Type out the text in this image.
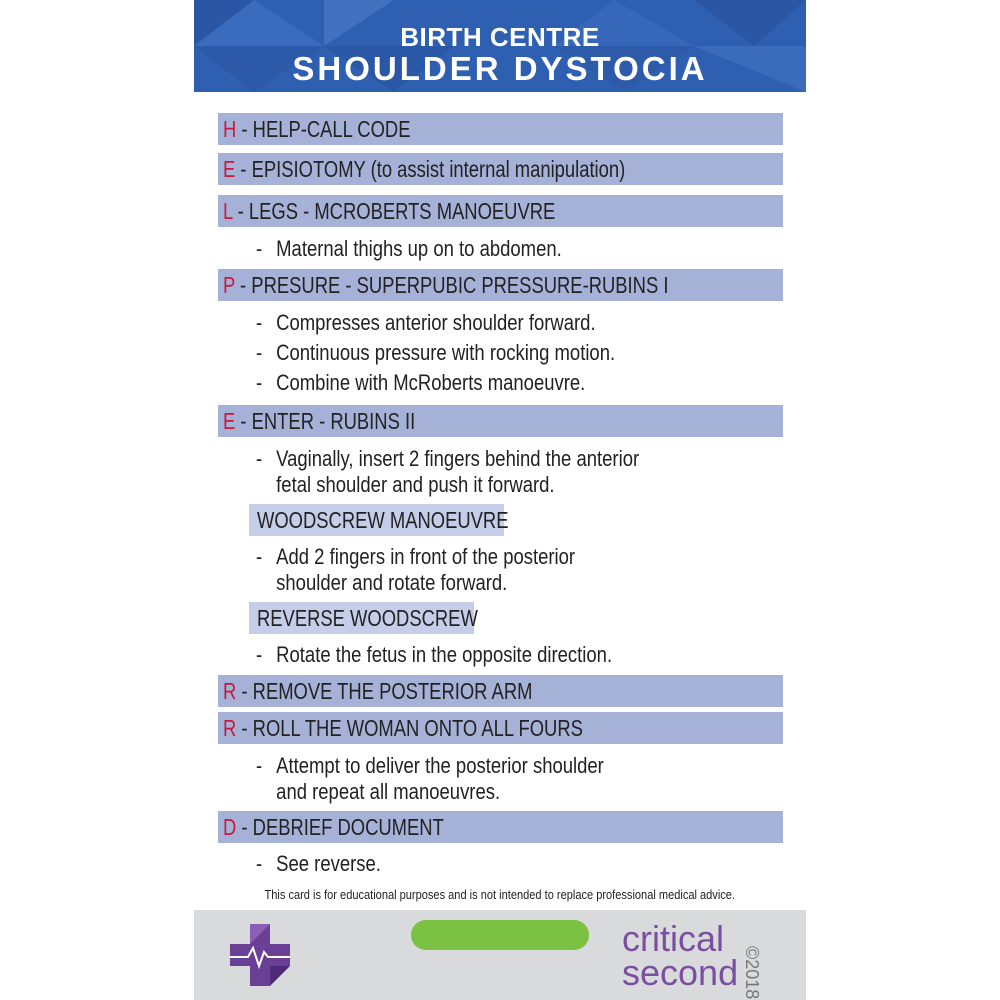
BIRTH CENTRE
SHOULDER DYSTOCIA
H - HELP-CALL CODE
E - EPISIOTOMY (to assist internal manipulation)
L - LEGS - MCROBERTS MANOEUVRE
- Maternal thighs up on to abdomen.
P - PRESURE - SUPERPUBIC PRESSURE-RUBINS I
- Compresses anterior shoulder forward.
- Continuous pressure with rocking motion.
- Combine with McRoberts manoeuvre.
E - ENTER - RUBINS II
- Vaginally, insert 2 fingers behind the anterior
fetal shoulder and push it forward.
WOODSCREW MANOEUVRE
- Add 2 fingers in front of the posterior
shoulder and rotate forward.
REVERSE WOODSCREW
- Rotate the fetus in the opposite direction.
R - REMOVE THE POSTERIOR ARM
R - ROLL THE WOMAN ONTO ALL FOURS
- Attempt to deliver the posterior shoulder
and repeat all manoeuvres.
D - DEBRIEF DOCUMENT
- See reverse.
This card is for educational purposes and is not intended to replace professional medical advice.
critical
second ©2018
